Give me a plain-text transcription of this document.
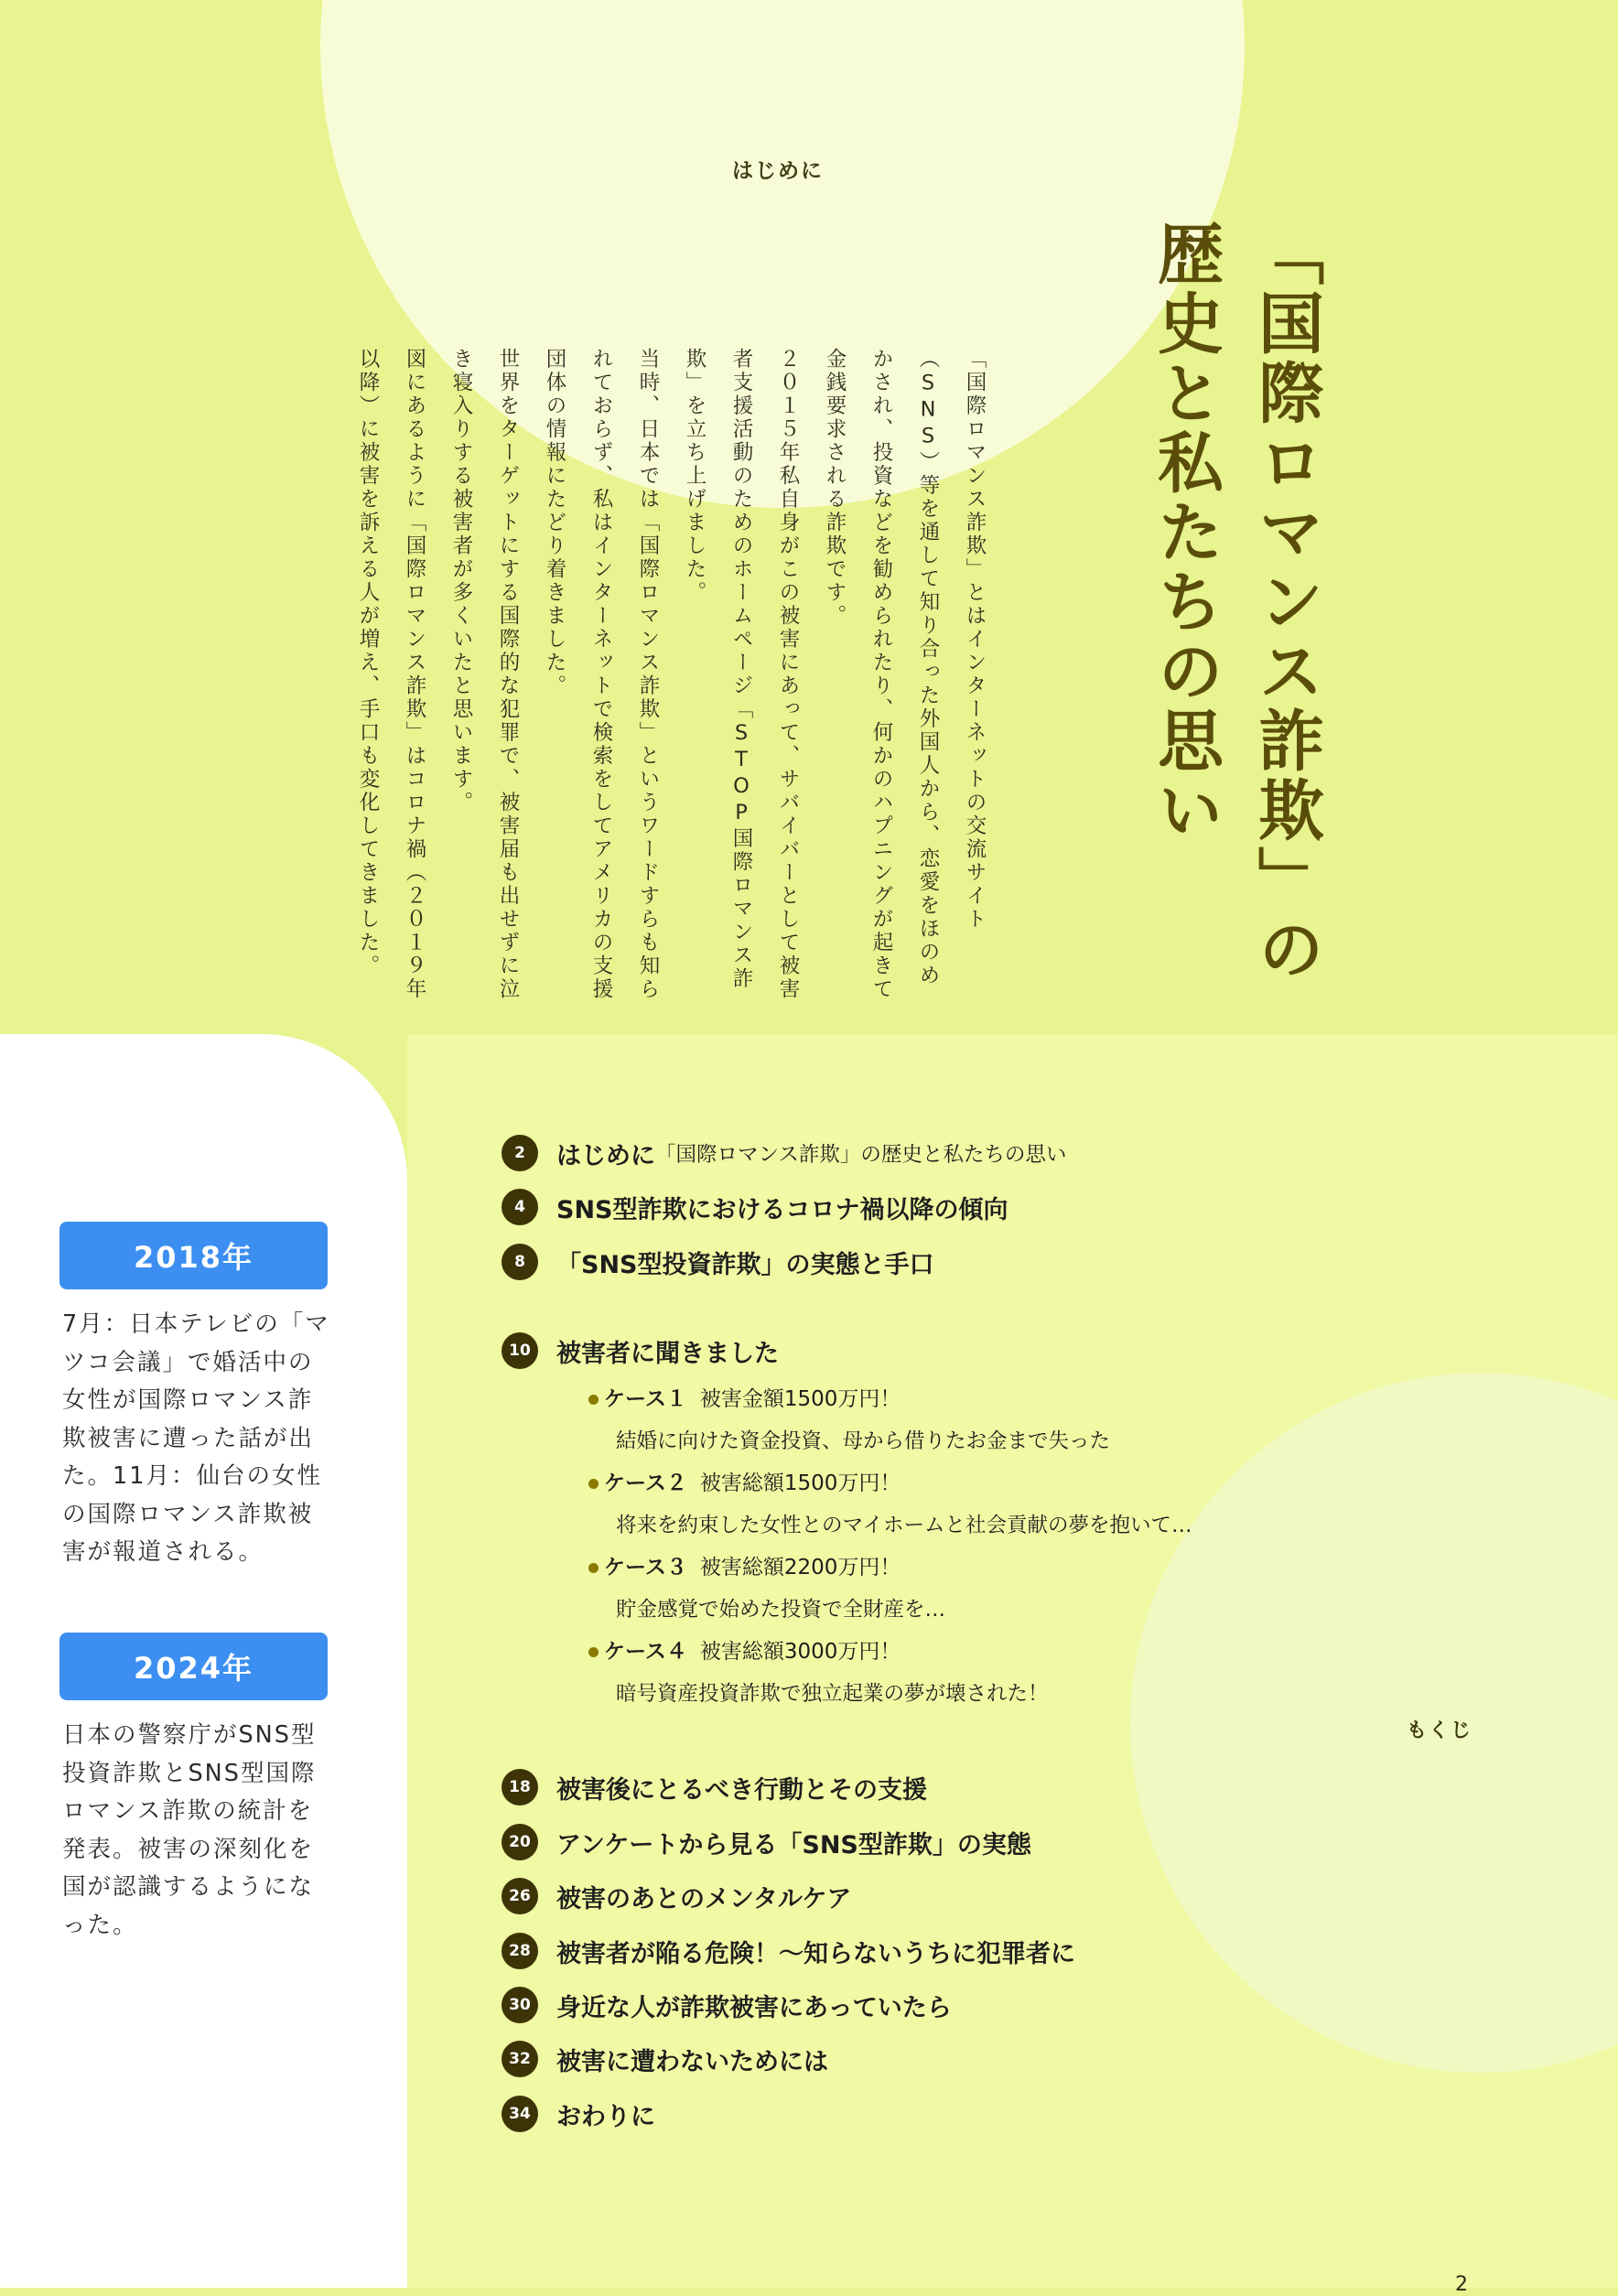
はじめに
「国際ロマンス詐欺」の歴史と私たちの思い

「国際ロマンス詐欺」とはインターネットの交流サイト（SNS）等を通して知り合った外国人から、恋愛をほのめかされ、投資などを勧められたり、何かのハプニングが起きて金銭要求される詐欺です。

２０１５年私自身がこの被害にあって、サバイバーとして被害者支援活動のためのホームページ「STOP国際ロマンス詐欺」を立ち上げました。

当時、日本では「国際ロマンス詐欺」というワードすらも知られておらず、私はインターネットで検索をしてアメリカの支援団体の情報にたどり着きました。

世界をターゲットにする国際的な犯罪で、被害届も出せずに泣き寝入りする被害者が多くいたと思います。

図にあるように「国際ロマンス詐欺」はコロナ禍（２０１９年以降）に被害を訴える人が増え、手口も変化してきました。

2018年
7月：日本テレビの「マツコ会議」で婚活中の女性が国際ロマンス詐欺被害に遭った話が出た。11月：仙台の女性の国際ロマンス詐欺被害が報道される。
2024年
日本の警察庁がSNS型投資詐欺とSNS型国際ロマンス詐欺の統計を発表。被害の深刻化を国が認識するようになった。
2	はじめに 「国際ロマンス詐欺」の歴史と私たちの思い
4	SNS型詐欺におけるコロナ禍以降の傾向
8	「SNS型投資詐欺」の実態と手口
10	被害者に聞きました
ケース１ 被害金額1500万円！
結婚に向けた資金投資、母から借りたお金まで失った
ケース２ 被害総額1500万円！
将来を約束した女性とのマイホームと社会貢献の夢を抱いて…
ケース３ 被害総額2200万円！
貯金感覚で始めた投資で全財産を…
ケース４ 被害総額3000万円！
暗号資産投資詐欺で独立起業の夢が壊された！
18	被害後にとるべき行動とその支援
20	アンケートから見る「SNS型詐欺」の実態
26	被害のあとのメンタルケア
28	被害者が陥る危険！〜知らないうちに犯罪者に
30	身近な人が詐欺被害にあっていたら
32	被害に遭わないためには
34	おわりに
もくじ
2
